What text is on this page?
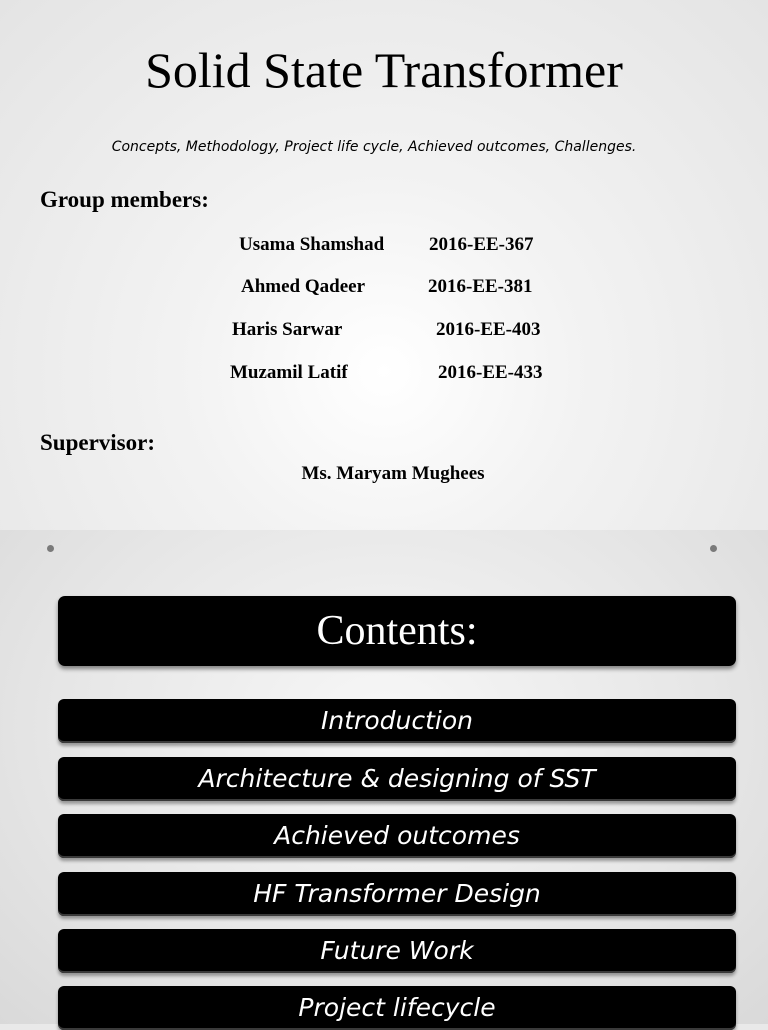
Solid State Transformer
Concepts, Methodology, Project life cycle, Achieved outcomes, Challenges.
Group members:
Usama Shamshad 2016-EE-367
Ahmed Qadeer	2016-EE-381
Haris Sarwar	2016-EE-403
Muzamil Latif	2016-EE-433
Supervisor:
Ms. Maryam Mughees
Contents:
Introduction
Architecture & designing of SST
Achieved outcomes
HF Transformer Design
Future Work
Project lifecycle
